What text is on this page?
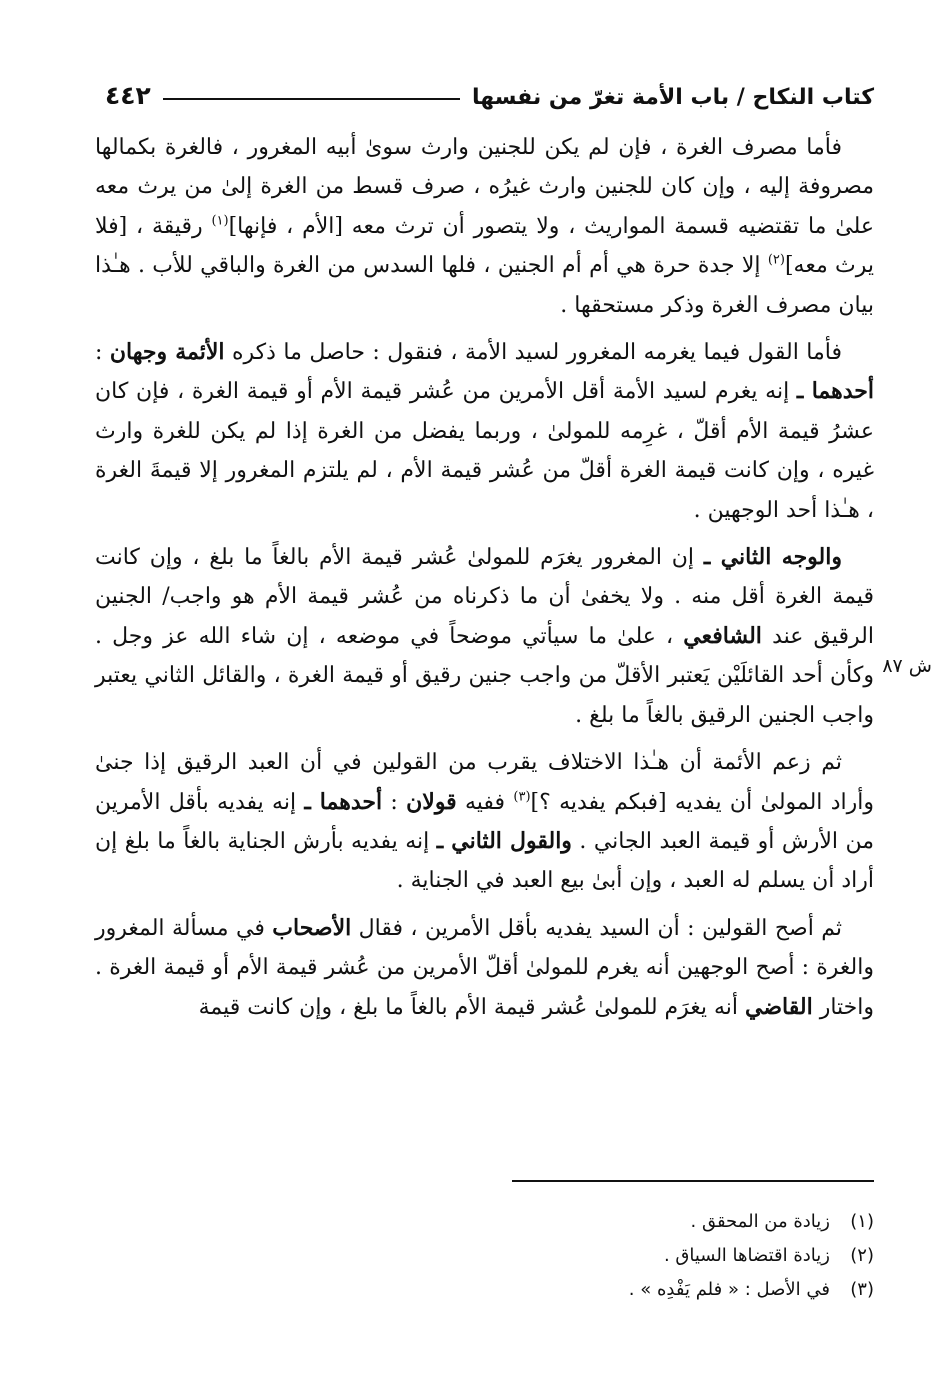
كتاب النكاح / باب الأمة تغرّ من نفسها
٤٤٢

فأما مصرف الغرة ، فإن لم يكن للجنين وارث سوىٰ أبيه المغرور ، فالغرة بكمالها مصروفة إليه ، وإن كان للجنين وارث غيرُه ، صرف قسط من الغرة إلىٰ من يرث معه علىٰ ما تقتضيه قسمة المواريث ، ولا يتصور أن ترث معه [الأم ، فإنها]$^{(١)}$ رقيقة ، [فلا يرث معه]$^{(٢)}$ إلا جدة حرة هي أم أم الجنين ، فلها السدس من الغرة والباقي للأب . هـٰذا بيان مصرف الغرة وذكر مستحقها .

فأما القول فيما يغرمه المغرور لسيد الأمة ، فنقول : حاصل ما ذكره الأئمة وجهان : أحدهما ـ إنه يغرم لسيد الأمة أقل الأمرين من عُشر قيمة الأم أو قيمة الغرة ، فإن كان عشرُ قيمة الأم أقلّ ، غرِمه للمولىٰ ، وربما يفضل من الغرة إذا لم يكن للغرة وارث غيره ، وإن كانت قيمة الغرة أقلّ من عُشر قيمة الأم ، لم يلتزم المغرور إلا قيمةَ الغرة ، هـٰذا أحد الوجهين .

والوجه الثاني ـ إن المغرور يغرَم للمولىٰ عُشر قيمة الأم بالغاً ما بلغ ، وإن كانت قيمة الغرة أقل منه . ولا يخفىٰ أن ما ذكرناه من عُشر قيمة الأم هو واجب/ الجنين الرقيق عند الشافعي ، علىٰ ما سيأتي موضحاً في موضعه ، إن شاء الله عز وجل . وكأن أحد القائلَيْن يَعتبر الأقلّ من واجب جنين رقيق أو قيمة الغرة ، والقائل الثاني يعتبر واجب الجنين الرقيق بالغاً ما بلغ .

ثم زعم الأئمة أن هـٰذا الاختلاف يقرب من القولين في أن العبد الرقيق إذا جنىٰ وأراد المولىٰ أن يفديه [فبكم يفديه ؟]$^{(٣)}$ ففيه قولان : أحدهما ـ إنه يفديه بأقل الأمرين من الأرش أو قيمة العبد الجاني . والقول الثاني ـ إنه يفديه بأرش الجناية بالغاً ما بلغ إن أراد أن يسلم له العبد ، وإن أبىٰ بيع العبد في الجناية .

ثم أصح القولين : أن السيد يفديه بأقل الأمرين ، فقال الأصحاب في مسألة المغرور والغرة : أصح الوجهين أنه يغرم للمولىٰ أقلّ الأمرين من عُشر قيمة الأم أو قيمة الغرة . واختار القاضي أنه يغرَم للمولىٰ عُشر قيمة الأم بالغاً ما بلغ ، وإن كانت قيمة

ش ٨٧
(١)
زيادة من المحقق .
(٢)
زيادة اقتضاها السياق .
(٣)
في الأصل : « فلم يَفْدِه » .
